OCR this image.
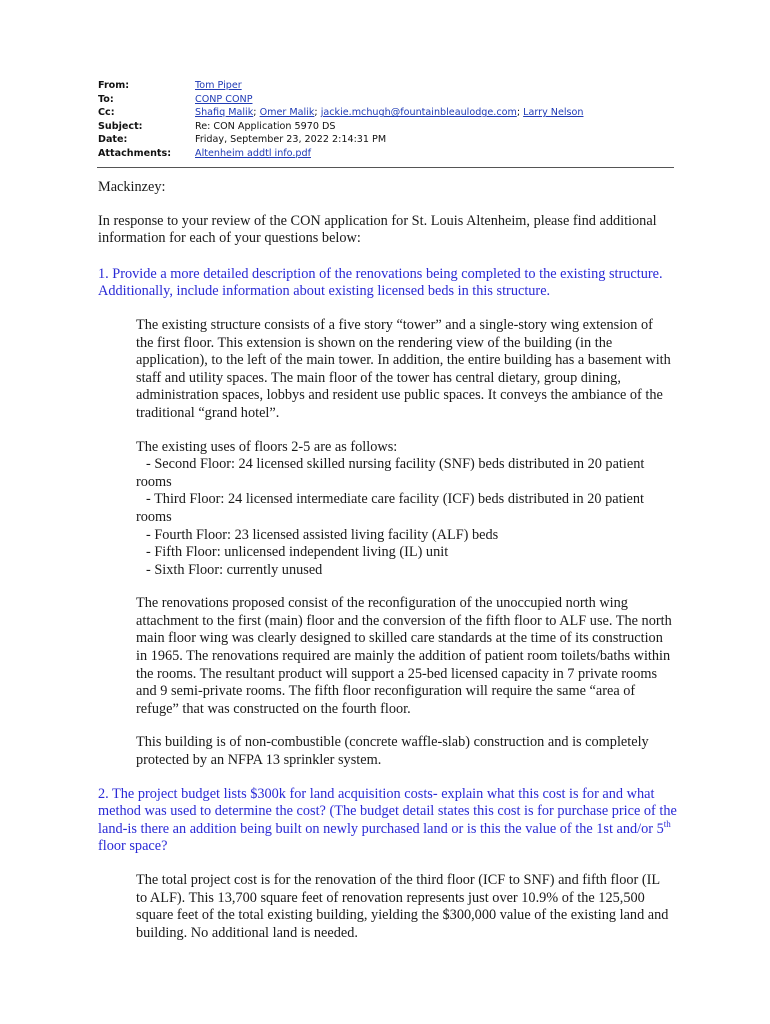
From:	Tom Piper
To:	CONP CONP
Cc:	Shafiq Malik; Omer Malik; jackie.mchugh@fountainbleaulodge.com; Larry Nelson
Subject:	Re: CON Application 5970 DS
Date:	Friday, September 23, 2022 2:14:31 PM
Attachments:	Altenheim addtl info.pdf

Mackinzey:

In response to your review of the CON application for St. Louis Altenheim, please find additional information for each of your questions below:

1. Provide a more detailed description of the renovations being completed to the existing structure. Additionally, include information about existing licensed beds in this structure.

The existing structure consists of a five story “tower” and a single-story wing extension of the first floor. This extension is shown on the rendering view of the building (in the application), to the left of the main tower. In addition, the entire building has a basement with staff and utility spaces. The main floor of the tower has central dietary, group dining, administration spaces, lobbys and resident use public spaces. It conveys the ambiance of the traditional “grand hotel”.

The existing uses of floors 2-5 are as follows:

- Second Floor: 24 licensed skilled nursing facility (SNF) beds distributed in 20 patient rooms

- Third Floor: 24 licensed intermediate care facility (ICF) beds distributed in 20 patient rooms

- Fourth Floor: 23 licensed assisted living facility (ALF) beds

- Fifth Floor: unlicensed independent living (IL) unit

- Sixth Floor: currently unused

The renovations proposed consist of the reconfiguration of the unoccupied north wing attachment to the first (main) floor and the conversion of the fifth floor to ALF use. The north main floor wing was clearly designed to skilled care standards at the time of its construction in 1965. The renovations required are mainly the addition of patient room toilets/baths within the rooms. The resultant product will support a 25-bed licensed capacity in 7 private rooms and 9 semi-private rooms. The fifth floor reconfiguration will require the same “area of refuge” that was constructed on the fourth floor.

This building is of non-combustible (concrete waffle-slab) construction and is completely protected by an NFPA 13 sprinkler system.

2. The project budget lists $300k for land acquisition costs- explain what this cost is for and what method was used to determine the cost? (The budget detail states this cost is for purchase price of the land-is there an addition being built on newly purchased land or is this the value of the 1st and/or 5th floor space?

The total project cost is for the renovation of the third floor (ICF to SNF) and fifth floor (IL to ALF). This 13,700 square feet of renovation represents just over 10.9% of the 125,500 square feet of the total existing building, yielding the $300,000 value of the existing land and building. No additional land is needed.
